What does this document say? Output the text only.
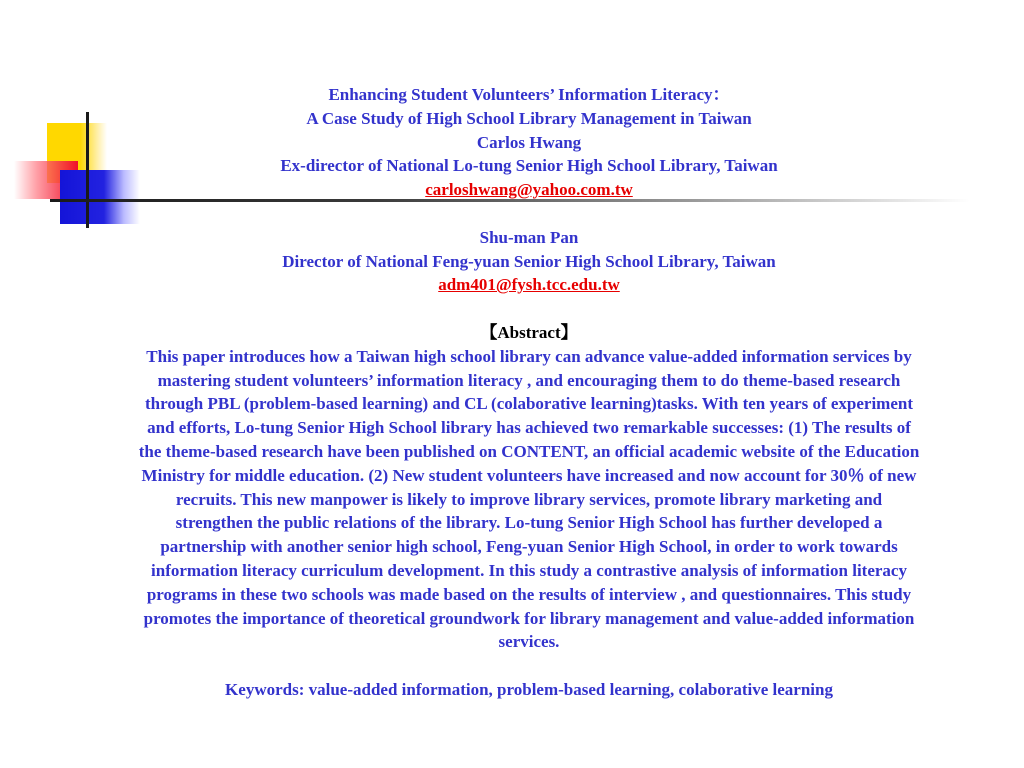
Enhancing Student Volunteers’ Information Literacy：
A Case Study of High School Library Management in Taiwan
Carlos Hwang
Ex-director of National Lo-tung Senior High School Library, Taiwan
carloshwang@yahoo.com.tw
Shu-man Pan
Director of National Feng-yuan Senior High School Library, Taiwan
adm401@fysh.tcc.edu.tw
【Abstract】
This paper introduces how a Taiwan high school library can advance value-added information services by
mastering student volunteers’ information literacy , and encouraging them to do theme-based research
through PBL (problem-based learning) and CL (colaborative learning)tasks. With ten years of experiment
and efforts, Lo-tung Senior High School library has achieved two remarkable successes: (1) The results of
the theme-based research have been published on CONTENT, an official academic website of the Education
Ministry for middle education. (2) New student volunteers have increased and now account for 30％ of new
recruits. This new manpower is likely to improve library services, promote library marketing and
strengthen the public relations of the library. Lo-tung Senior High School has further developed a
partnership with another senior high school, Feng-yuan Senior High School, in order to work towards
information literacy curriculum development. In this study a contrastive analysis of information literacy
programs in these two schools was made based on the results of interview , and questionnaires. This study
promotes the importance of theoretical groundwork for library management and value-added information
services.
Keywords: value-added information, problem-based learning, colaborative learning
